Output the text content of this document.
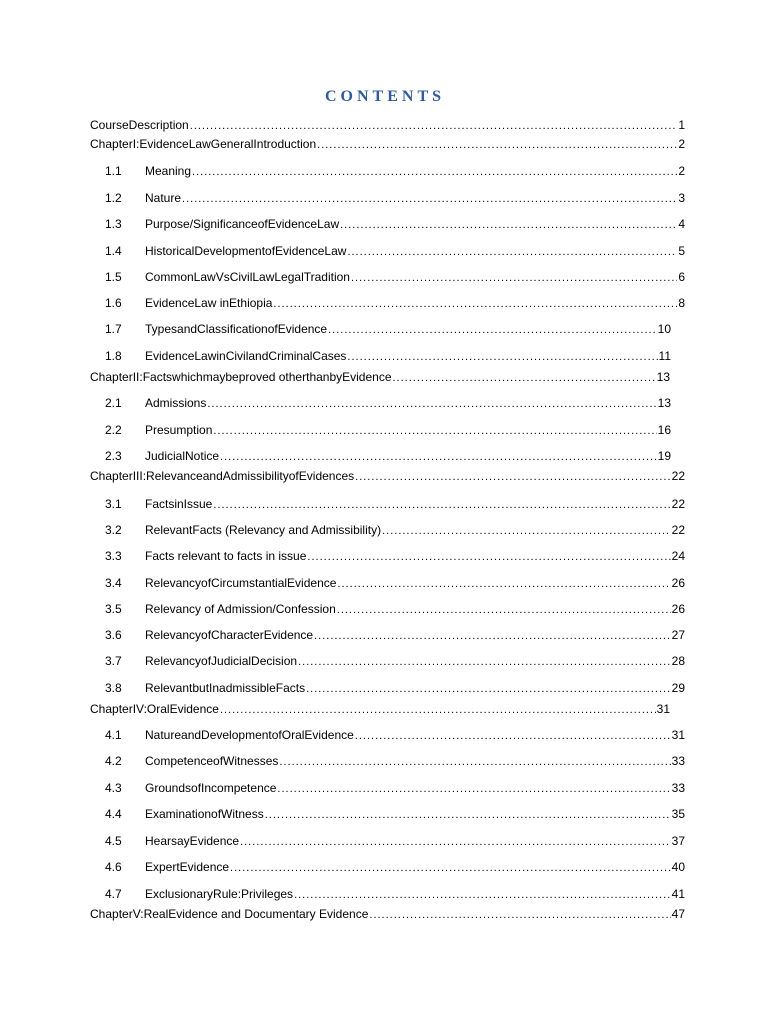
CONTENTS
CourseDescription .....	1
ChapterI:EvidenceLawGeneralIntroduction .....	2
1.1	Meaning .....	2
1.2	Nature .....	3
1.3	Purpose/SignificanceofEvidenceLaw .....	4
1.4	HistoricalDevelopmentofEvidenceLaw .....	5
1.5	CommonLawVsCivilLawLegalTradition .....	6
1.6	EvidenceLaw inEthiopia .....	8
1.7	TypesandClassificationofEvidence .....	10
1.8	EvidenceLawinCivilandCriminalCases .....	11
ChapterII:Factswhichmaybeproved otherthanbyEvidence .....	13
2.1	Admissions .....	13
2.2	Presumption .....	16
2.3	JudicialNotice .....	19
ChapterIII:RelevanceandAdmissibilityofEvidences .....	22
3.1	FactsinIssue .....	22
3.2	RelevantFacts (Relevancy and Admissibility) .....	22
3.3	Facts relevant to facts in issue .....	24
3.4	RelevancyofCircumstantialEvidence .....	26
3.5	Relevancy of Admission/Confession .....	26
3.6	RelevancyofCharacterEvidence .....	27
3.7	RelevancyofJudicialDecision .....	28
3.8	RelevantbutInadmissibleFacts .....	29
ChapterIV:OralEvidence .....	31
4.1	NatureandDevelopmentofOralEvidence .....	31
4.2	CompetenceofWitnesses .....	33
4.3	GroundsofIncompetence .....	33
4.4	ExaminationofWitness .....	35
4.5	HearsayEvidence .....	37
4.6	ExpertEvidence .....	40
4.7	ExclusionaryRule:Privileges .....	41
ChapterV:RealEvidence and Documentary Evidence .....	47
